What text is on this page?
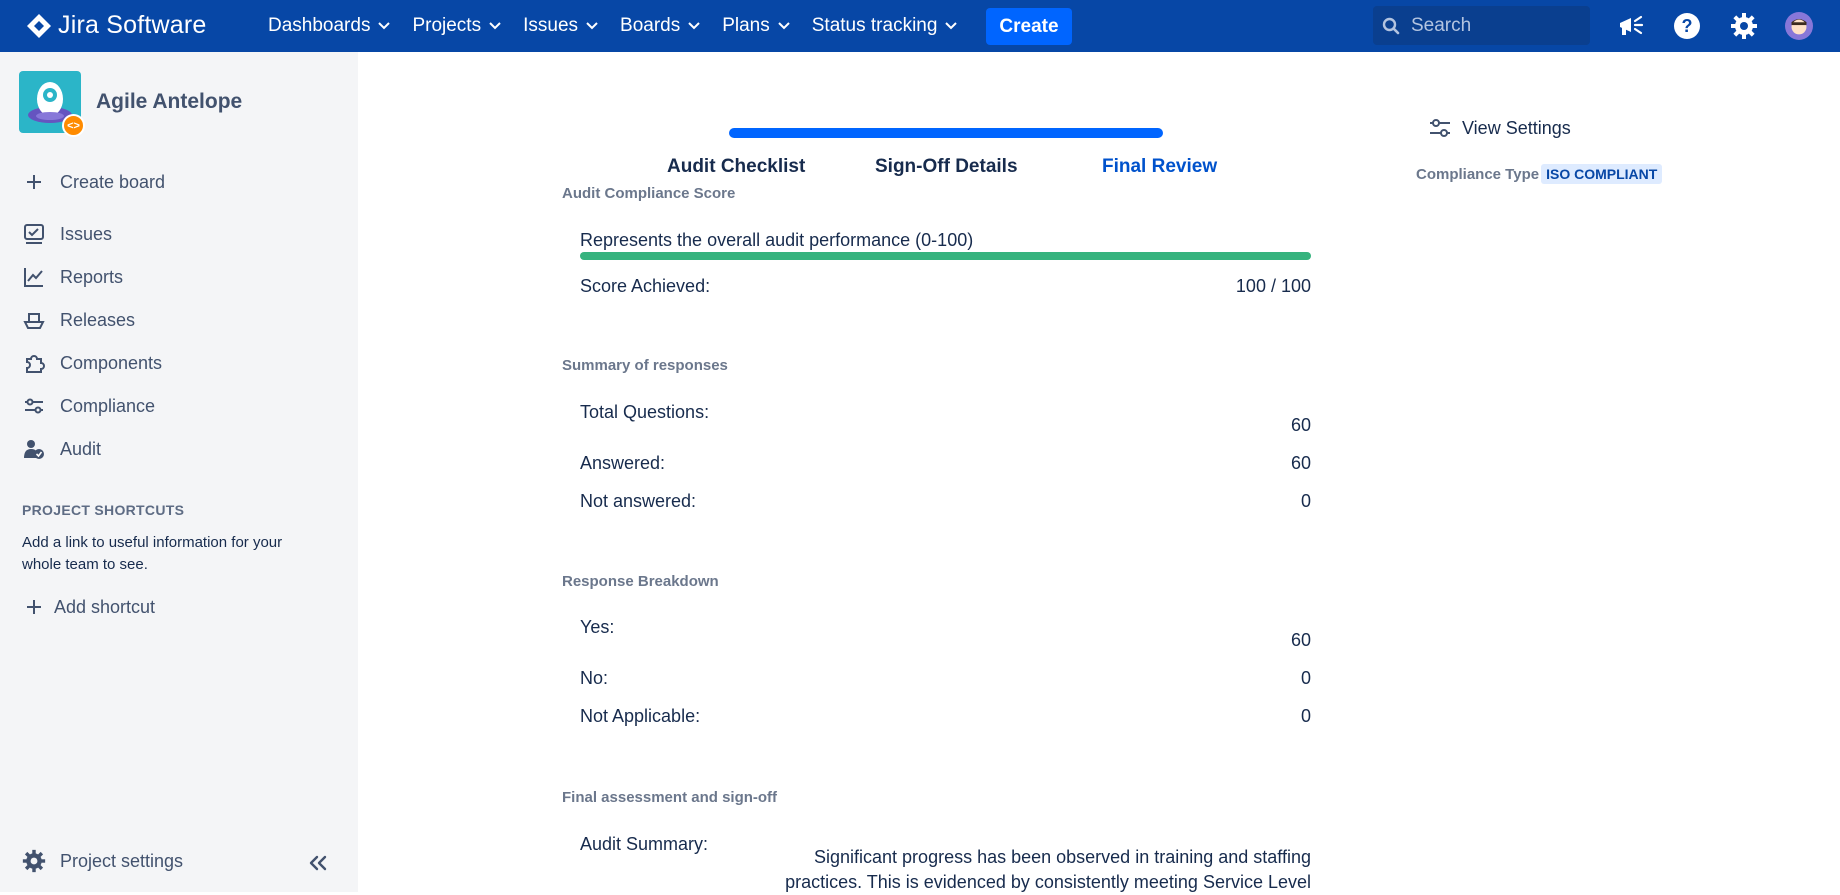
Jira Software	Dashboards Projects Issues Boards Plans Status tracking	Create	Search	?
<>
Agile Antelope
Create board
Issues
Reports
Releases
Components
Compliance
Audit
PROJECT SHORTCUTS
Add a link to useful information for your whole team to see.
Add shortcut
Project settings
Audit Checklist	Sign-Off Details	Final Review
Audit Compliance Score
Represents the overall audit performance (0-100)
Score Achieved:	100 / 100
Summary of responses
Total Questions:
60
Answered:	60
Not answered:	0
Response Breakdown
Yes:
60
No:	0
Not Applicable:	0
Final assessment and sign-off
Audit Summary:
Significant progress has been observed in training and staffing practices. This is evidenced by consistently meeting Service Level
View Settings
Compliance Type ISO COMPLIANT
